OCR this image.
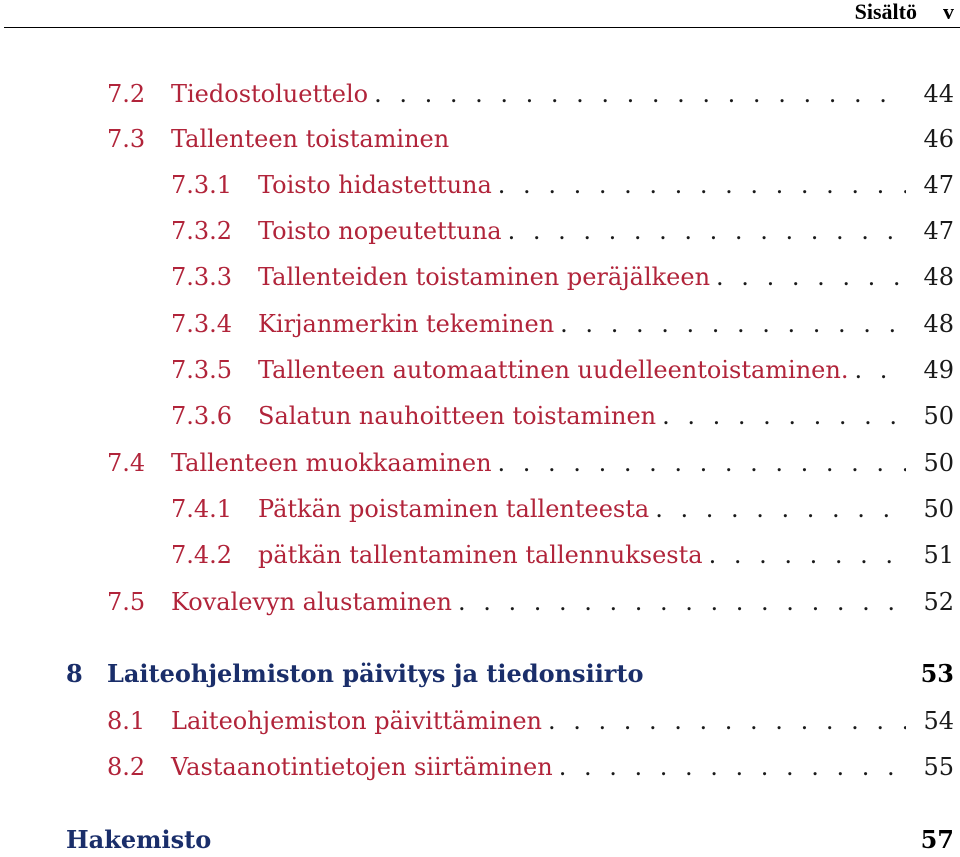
Sisältö v
7.2 Tiedostoluettelo . . .	44
7.3 Tallenteen toistaminen	46
7.3.1 Toisto hidastettuna . . .	47
7.3.2 Toisto nopeutettuna . . .	47
7.3.3 Tallenteiden toistaminen peräjälkeen . . .	48
7.3.4 Kirjanmerkin tekeminen . . .	48
7.3.5 Tallenteen automaattinen uudelleentoistaminen. . . .	49
7.3.6 Salatun nauhoitteen toistaminen . . .	50
7.4 Tallenteen muokkaaminen . . .	50
7.4.1 Pätkän poistaminen tallenteesta . . .	50
7.4.2 pätkän tallentaminen tallennuksesta . . .	51
7.5 Kovalevyn alustaminen . . .	52
8 Laiteohjelmiston päivitys ja tiedonsiirto	53
8.1 Laiteohjemiston päivittäminen . . .	54
8.2 Vastaanotintietojen siirtäminen . . .	55
Hakemisto	57
